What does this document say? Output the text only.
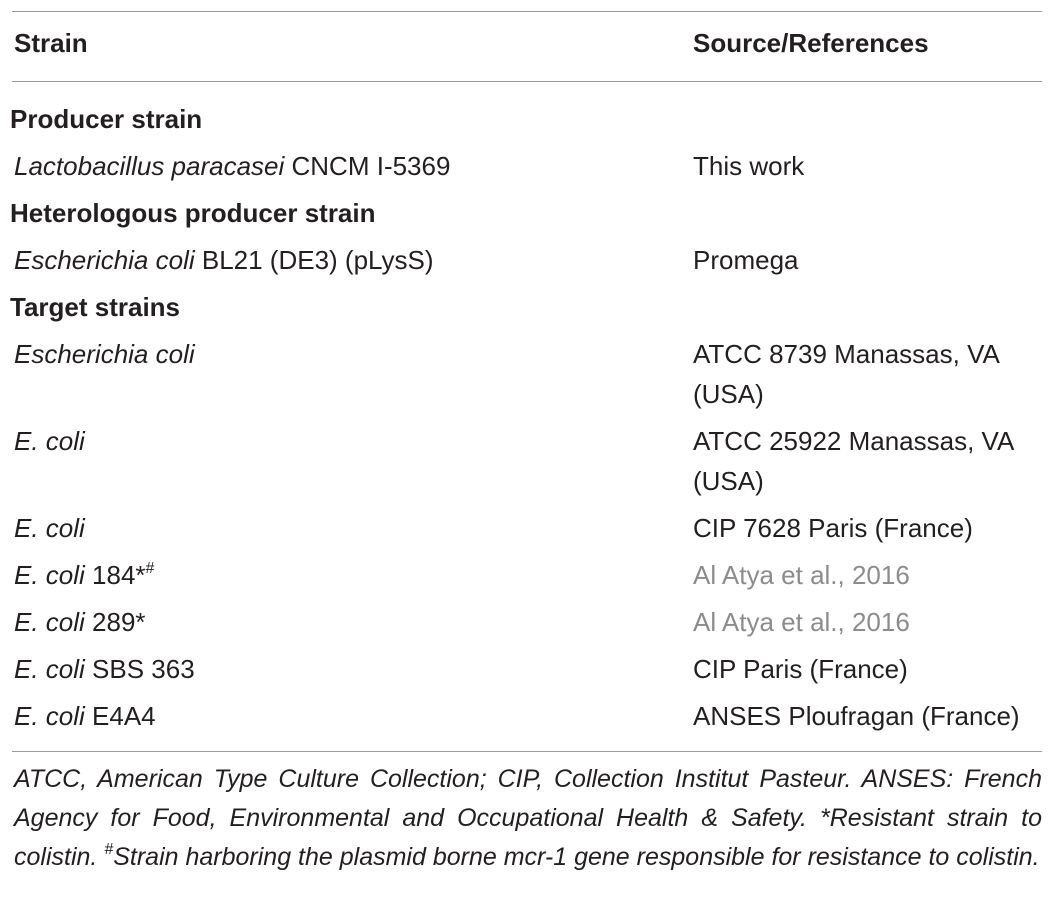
Strain	Source/References
Producer strain
Lactobacillus paracasei CNCM I-5369	This work
Heterologous producer strain
Escherichia coli BL21 (DE3) (pLysS)	Promega
Target strains
Escherichia coli	ATCC 8739 Manassas, VA
(USA)
E. coli	ATCC 25922 Manassas, VA
(USA)
E. coli	CIP 7628 Paris (France)
E. coli 184*#	Al Atya et al., 2016
E. coli 289*	Al Atya et al., 2016
E. coli SBS 363	CIP Paris (France)
E. coli E4A4	ANSES Ploufragan (France)
ATCC, American Type Culture Collection; CIP, Collection Institut Pasteur. ANSES: French Agency for Food, Environmental and Occupational Health & Safety. *Resistant strain to colistin. #Strain harboring the plasmid borne mcr-1 gene responsible for resistance to colistin.
